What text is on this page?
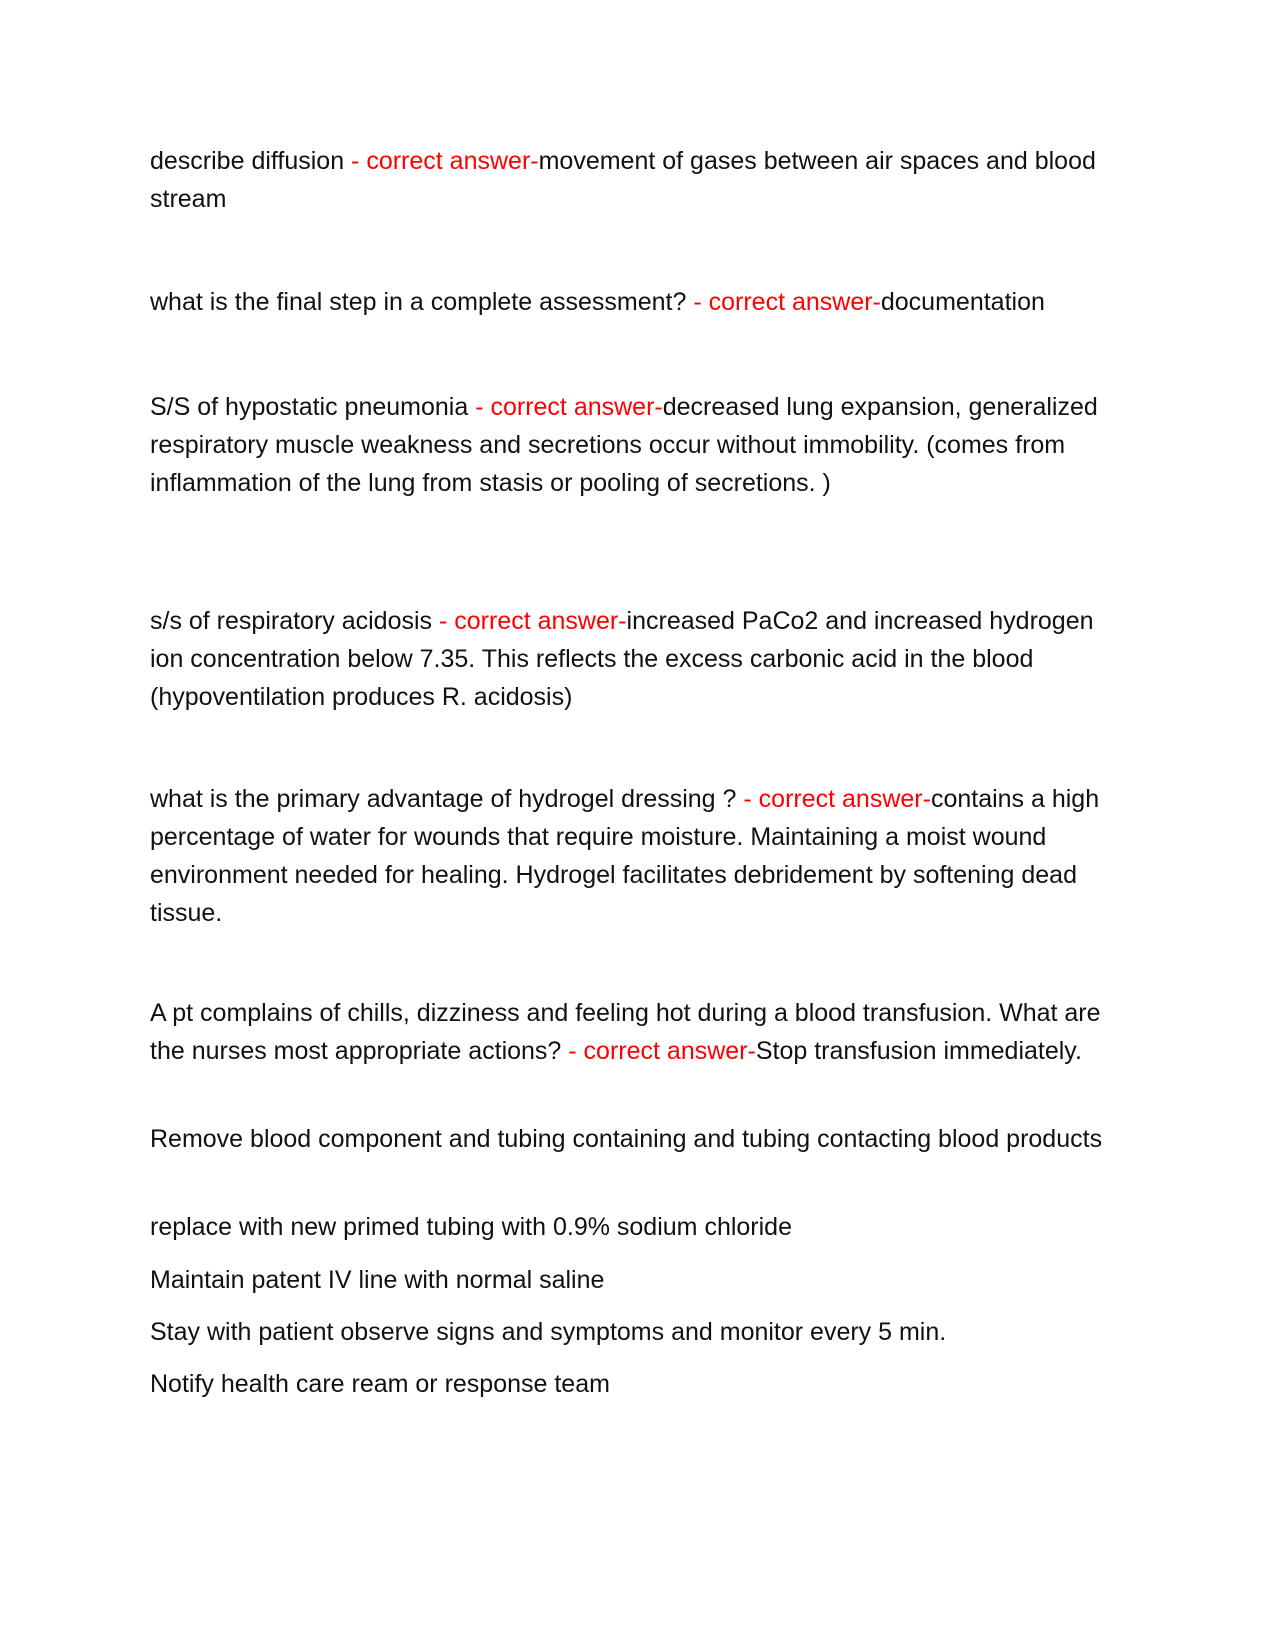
describe diffusion - correct answer-movement of gases between air spaces and blood stream
what is the final step in a complete assessment? - correct answer-documentation
S/S of hypostatic pneumonia - correct answer-decreased lung expansion, generalized respiratory muscle weakness and secretions occur without immobility. (comes from inflammation of the lung from stasis or pooling of secretions. )
s/s of respiratory acidosis - correct answer-increased PaCo2 and increased hydrogen ion concentration below 7.35. This reflects the excess carbonic acid in the blood (hypoventilation produces R. acidosis)
what is the primary advantage of hydrogel dressing ? - correct answer-contains a high percentage of water for wounds that require moisture. Maintaining a moist wound environment needed for healing. Hydrogel facilitates debridement by softening dead tissue.
A pt complains of chills, dizziness and feeling hot during a blood transfusion. What are the nurses most appropriate actions? - correct answer-Stop transfusion immediately.
Remove blood component and tubing containing and tubing contacting blood products
replace with new primed tubing with 0.9% sodium chloride
Maintain patent IV line with normal saline
Stay with patient observe signs and symptoms and monitor every 5 min.
Notify health care ream or response team
